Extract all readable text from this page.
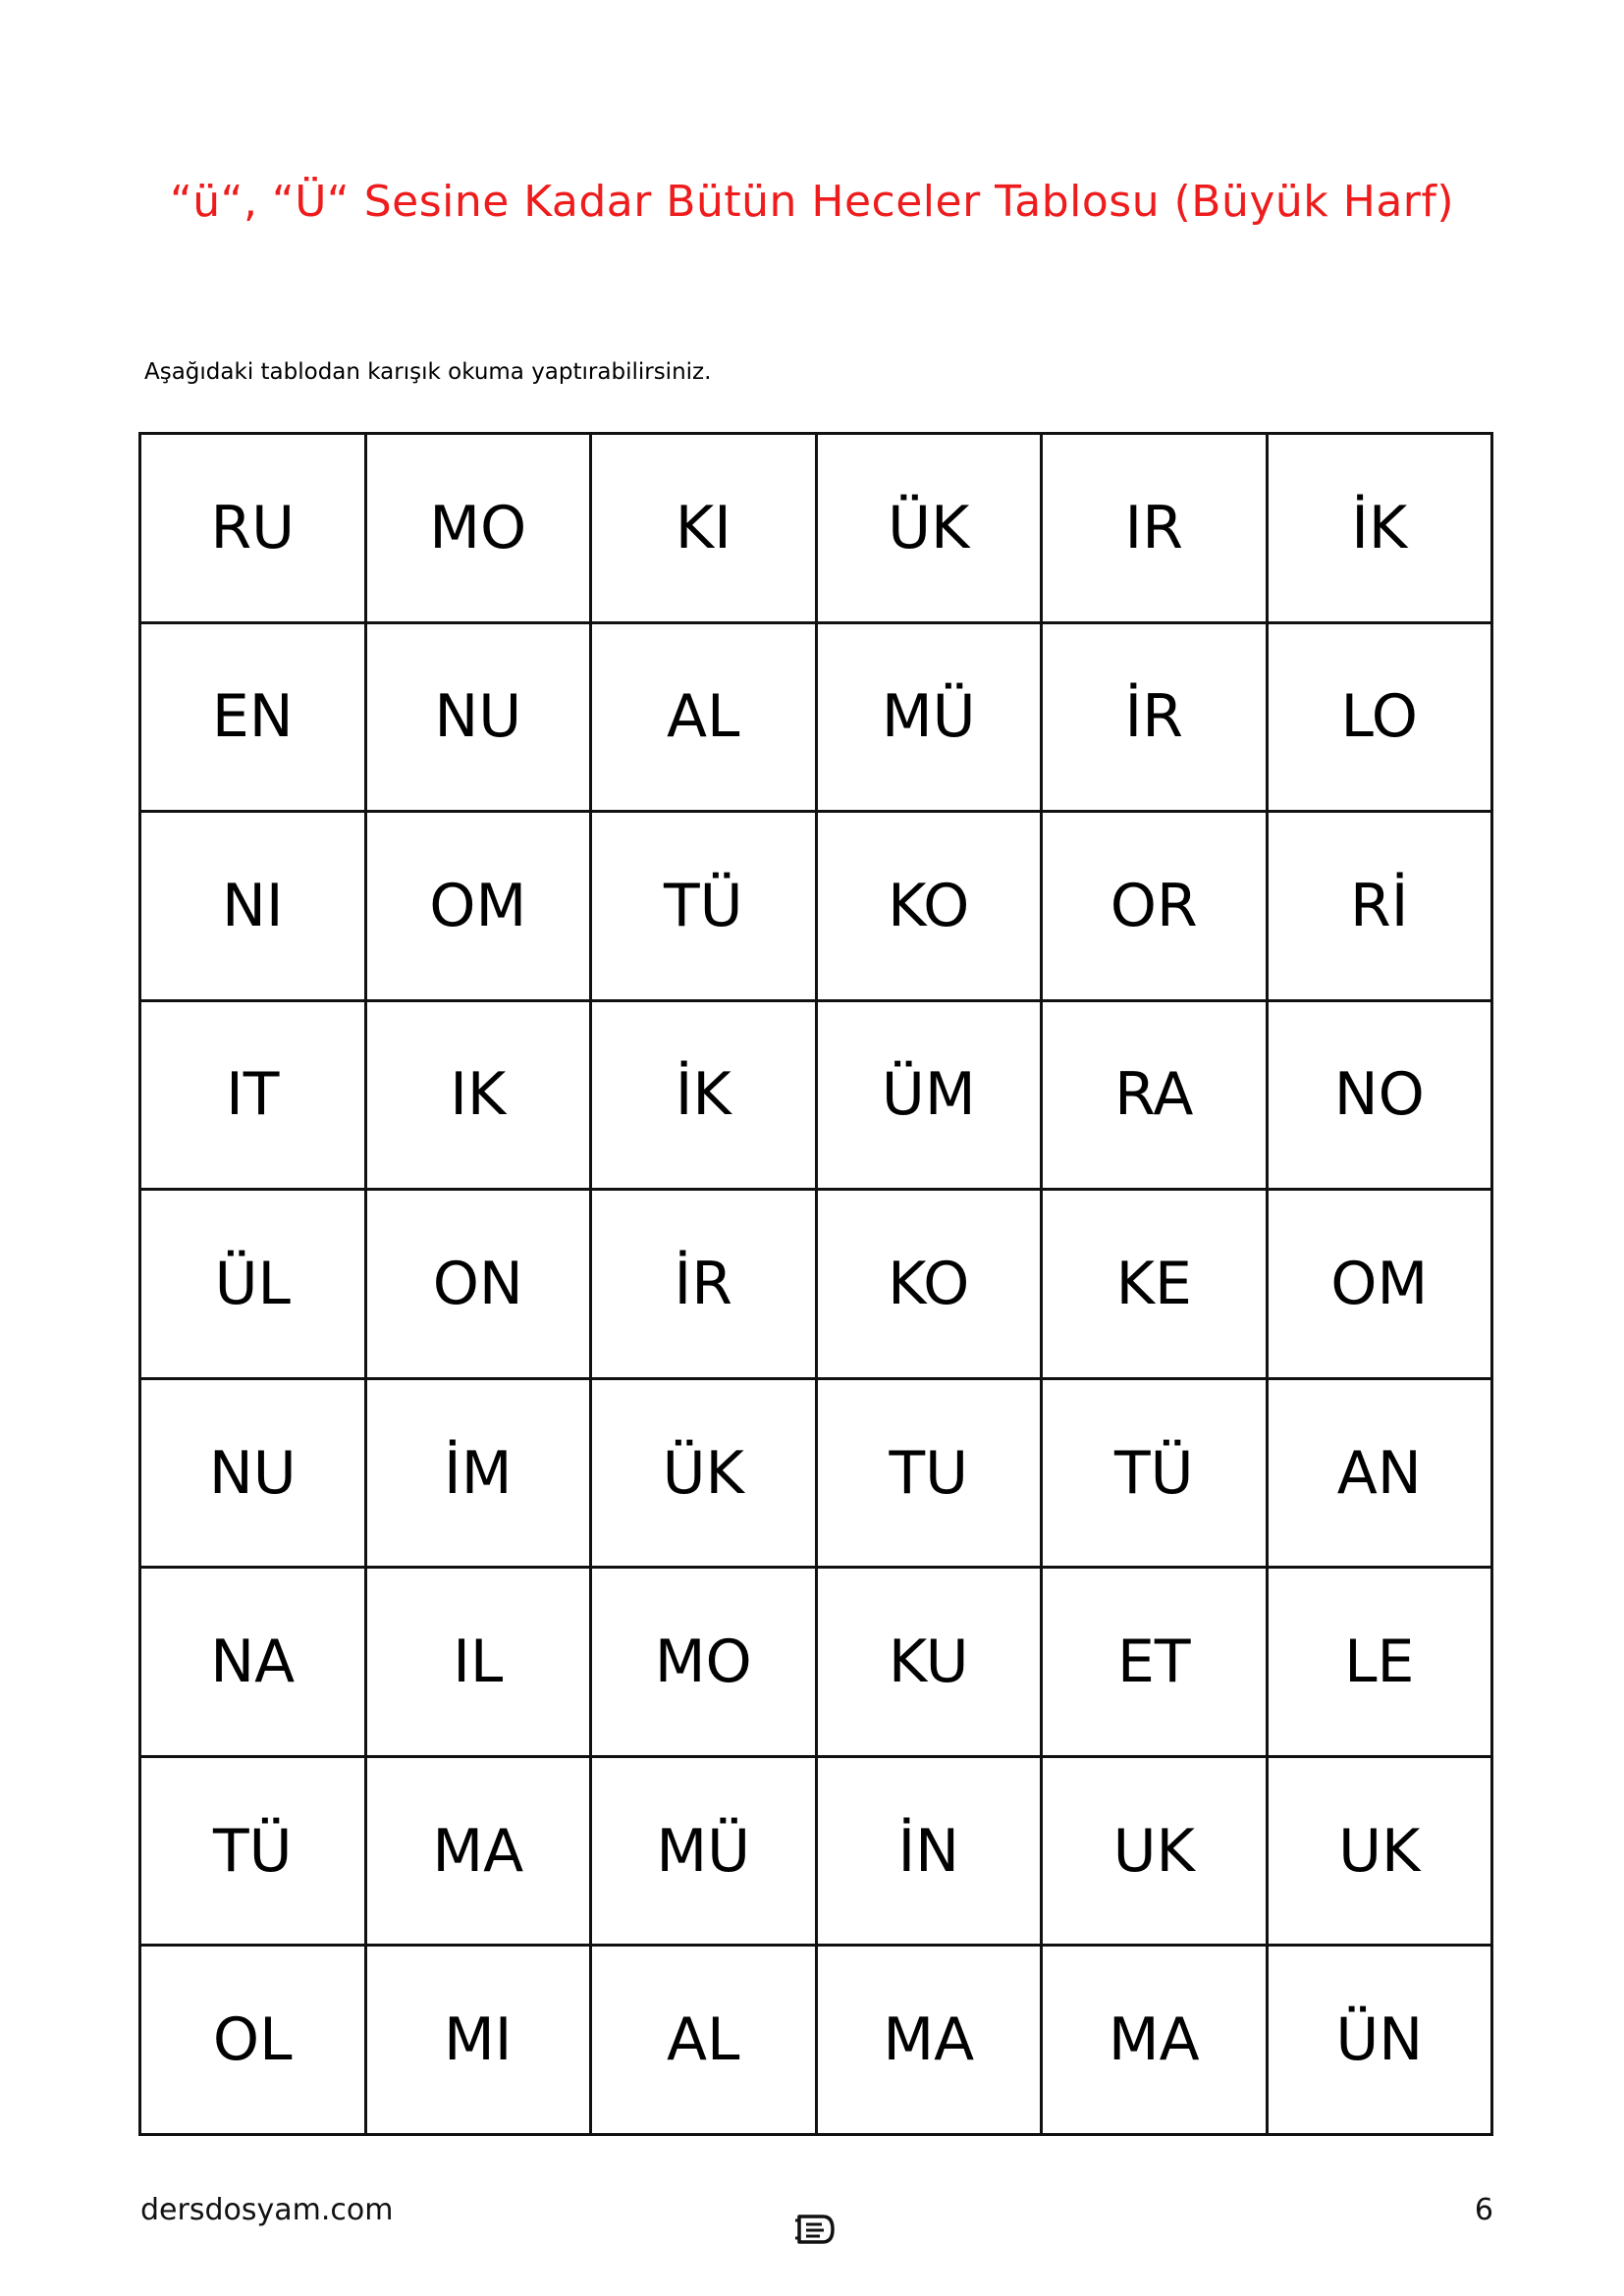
“ü“, “Ü“ Sesine Kadar Bütün Heceler Tablosu (Büyük Harf)
Aşağıdaki tablodan karışık okuma yaptırabilirsiniz.
RU	MO	KI	ÜK	IR	İK
EN	NU	AL	MÜ	İR	LO
NI	OM	TÜ	KO	OR	Rİ
IT	IK	İK	ÜM	RA	NO
ÜL	ON	İR	KO	KE	OM
NU	İM	ÜK	TU	TÜ	AN
NA	IL	MO	KU	ET	LE
TÜ	MA	MÜ	İN	UK	UK
OL	MI	AL	MA	MA	ÜN
dersdosyam.com	6
